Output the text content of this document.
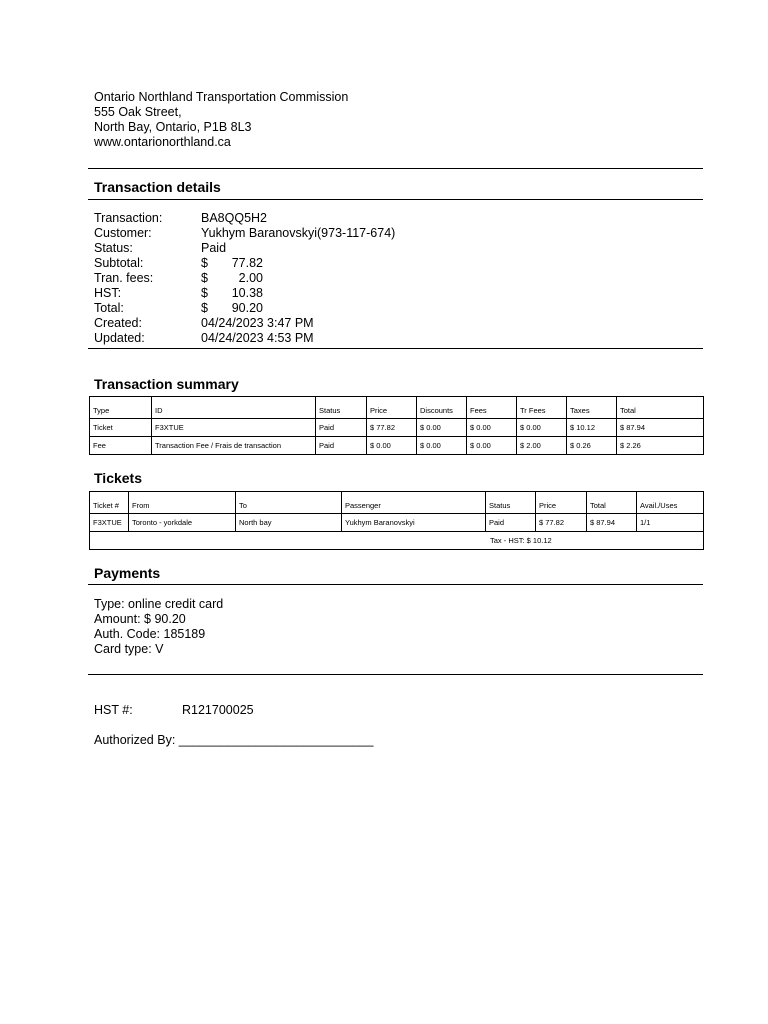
Ontario Northland Transportation Commission
555 Oak Street,
North Bay, Ontario, P1B 8L3
www.ontarionorthland.ca
Transaction details
Transaction:	BA8QQ5H2
Customer:	Yukhym Baranovskyi(973-117-674)
Status:	Paid
Subtotal:	$	77.82
Tran. fees:	$	2.00
HST:	$	10.38
Total:	$	90.20
Created:	04/24/2023 3:47 PM
Updated:	04/24/2023 4:53 PM
Transaction summary
Type	ID	Status	Price	Discounts	Fees	Tr Fees	Taxes	Total
Ticket	F3XTUE	Paid	$ 77.82	$ 0.00	$ 0.00	$ 0.00	$ 10.12	$ 87.94
Fee	Transaction Fee / Frais de transaction	Paid	$ 0.00	$ 0.00	$ 0.00	$ 2.00	$ 0.26	$ 2.26
Tickets
Ticket #	From	To	Passenger	Status	Price	Total	Avail./Uses
F3XTUE	Toronto - yorkdale	North bay	Yukhym Baranovskyi	Paid	$ 77.82	$ 87.94	1/1
Tax - HST: $ 10.12							
Payments
Type: online credit card
Amount: $ 90.20
Auth. Code: 185189
Card type: V
HST #:	R121700025
Authorized By: ____________________________
